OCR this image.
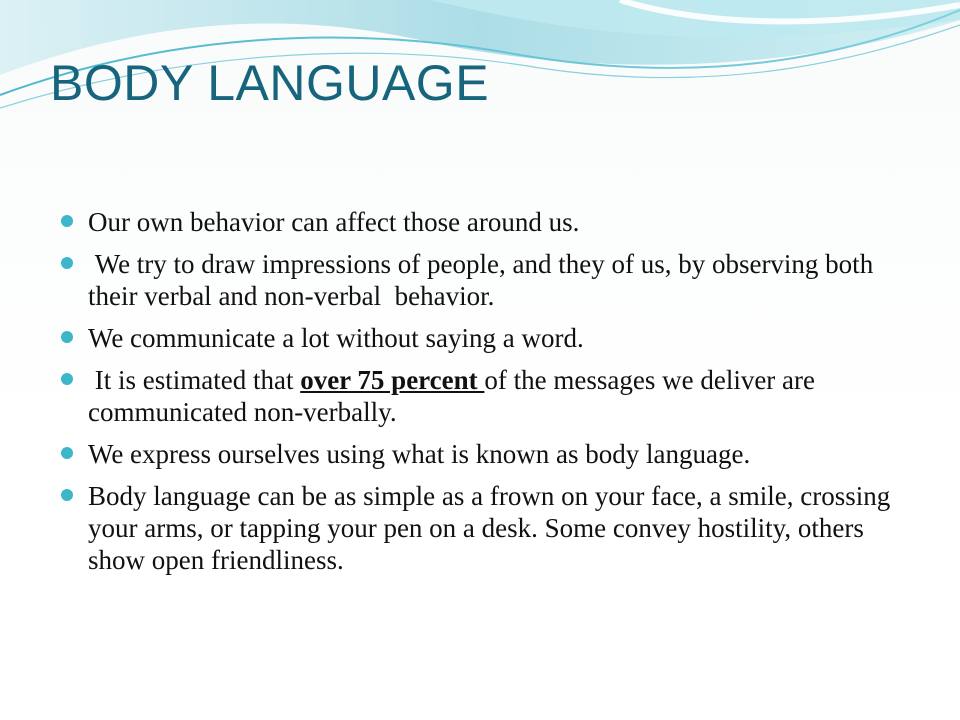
BODY LANGUAGE
Our own behavior can affect those around us.
We try to draw impressions of people, and they of us, by observing both their verbal and non-verbal  behavior.
We communicate a lot without saying a word.
It is estimated that over 75 percent of the messages we deliver are communicated non-verbally.
We express ourselves using what is known as body language.
Body language can be as simple as a frown on your face, a smile, crossing your arms, or tapping your pen on a desk. Some convey hostility, others show open friendliness.
